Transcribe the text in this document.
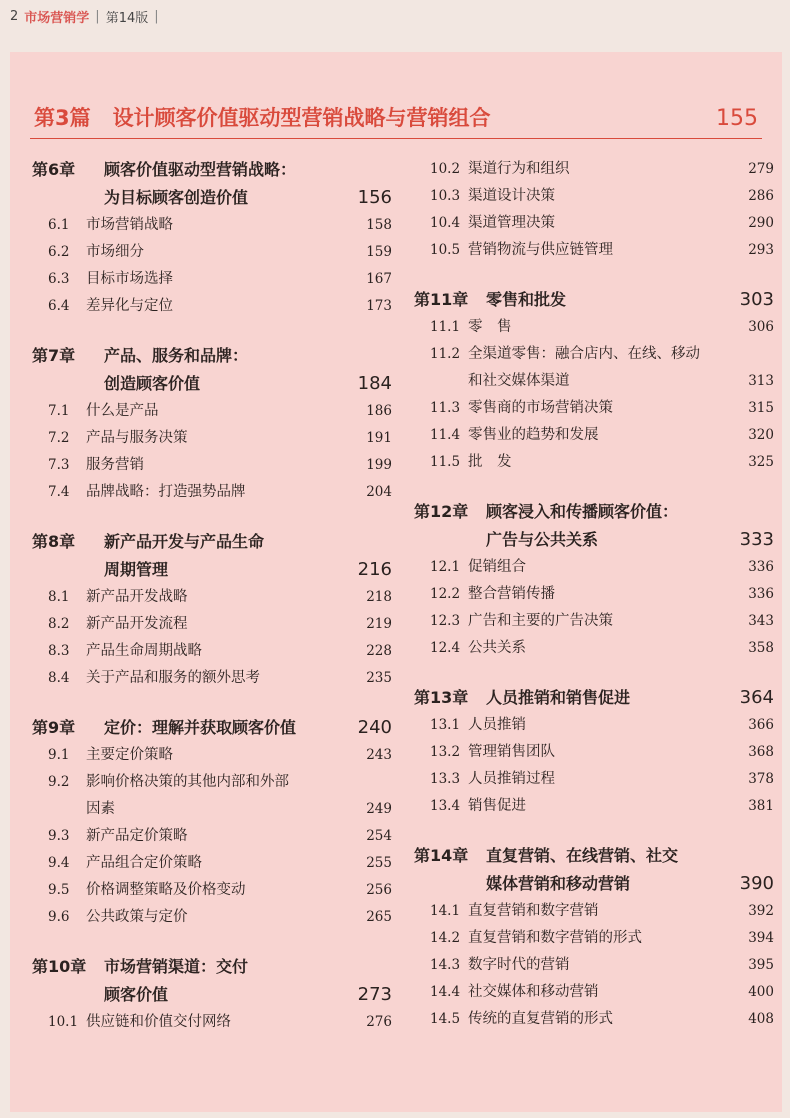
2 市场营销学 | 第14版 |
第3篇 设计顾客价值驱动型营销战略与营销组合	155
第6章	顾客价值驱动型营销战略：
为目标顾客创造价值	156
6.1	市场营销战略	158
6.2	市场细分	159
6.3	目标市场选择	167
6.4	差异化与定位	173
第7章	产品、服务和品牌：
创造顾客价值	184
7.1	什么是产品	186
7.2	产品与服务决策	191
7.3	服务营销	199
7.4	品牌战略：打造强势品牌	204
第8章	新产品开发与产品生命
周期管理	216
8.1	新产品开发战略	218
8.2	新产品开发流程	219
8.3	产品生命周期战略	228
8.4	关于产品和服务的额外思考	235
第9章	定价：理解并获取顾客价值	240
9.1	主要定价策略	243
9.2	影响价格决策的其他内部和外部
因素	249
9.3	新产品定价策略	254
9.4	产品组合定价策略	255
9.5	价格调整策略及价格变动	256
9.6	公共政策与定价	265
第10章	市场营销渠道：交付
顾客价值	273
10.1 供应链和价值交付网络	276
10.2 渠道行为和组织	279
10.3 渠道设计决策	286
10.4 渠道管理决策	290
10.5 营销物流与供应链管理	293
第11章	零售和批发	303
11.1 零　售	306
11.2 全渠道零售：融合店内、在线、移动
和社交媒体渠道	313
11.3 零售商的市场营销决策	315
11.4 零售业的趋势和发展	320
11.5 批　发	325
第12章	顾客浸入和传播顾客价值：
广告与公共关系	333
12.1 促销组合	336
12.2 整合营销传播	336
12.3 广告和主要的广告决策	343
12.4 公共关系	358
第13章	人员推销和销售促进	364
13.1 人员推销	366
13.2 管理销售团队	368
13.3 人员推销过程	378
13.4 销售促进	381
第14章	直复营销、在线营销、社交
媒体营销和移动营销	390
14.1 直复营销和数字营销	392
14.2 直复营销和数字营销的形式	394
14.3 数字时代的营销	395
14.4 社交媒体和移动营销	400
14.5 传统的直复营销的形式	408
